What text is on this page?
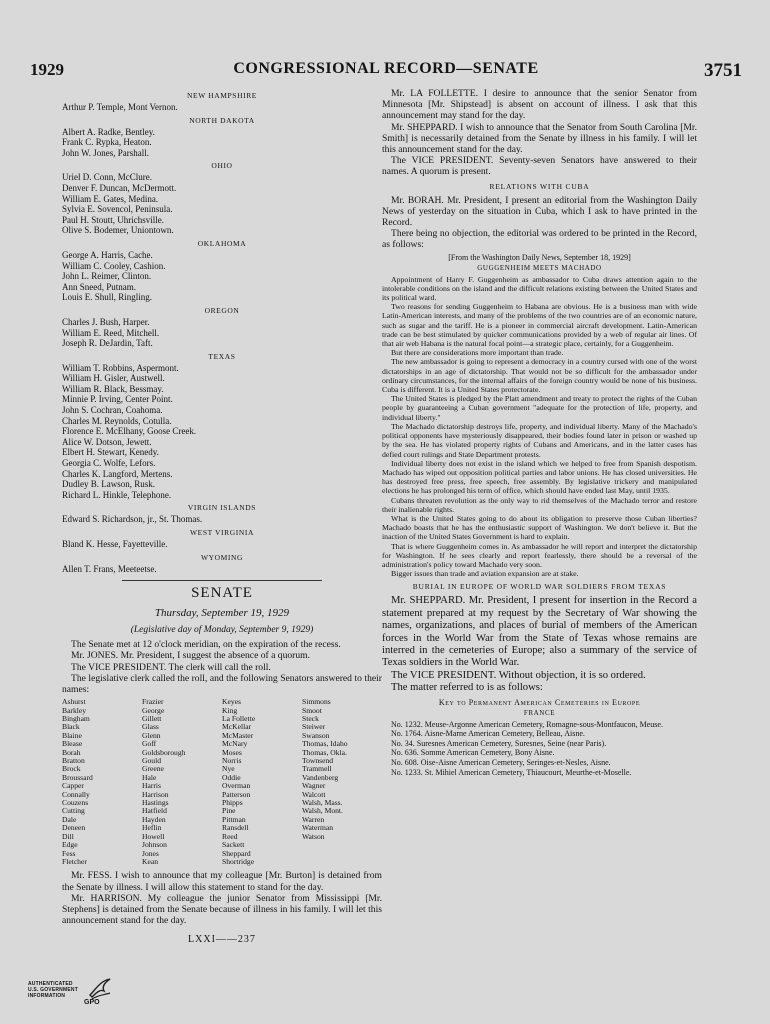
1929	CONGRESSIONAL RECORD—SENATE	3751
NEW HAMPSHIRE
Arthur P. Temple, Mont Vernon.
NORTH DAKOTA
Albert A. Radke, Bentley.
Frank C. Rypka, Heaton.
John W. Jones, Parshall.
OHIO
Uriel D. Conn, McClure.
Denver F. Duncan, McDermott.
William E. Gates, Medina.
Sylvia E. Sovencol, Peninsula.
Paul H. Stoutt, Uhrichsville.
Olive S. Bodemer, Uniontown.
OKLAHOMA
George A. Harris, Cache.
William C. Cooley, Cashion.
John L. Reimer, Clinton.
Ann Sneed, Putnam.
Louis E. Shull, Ringling.
OREGON
Charles J. Bush, Harper.
William E. Reed, Mitchell.
Joseph R. DeJardin, Taft.
TEXAS
William T. Robbins, Aspermont.
William H. Gisler, Austwell.
William R. Black, Bessmay.
Minnie P. Irving, Center Point.
John S. Cochran, Coahoma.
Charles M. Reynolds, Cotulla.
Florence E. McElhany, Goose Creek.
Alice W. Dotson, Jewett.
Elbert H. Stewart, Kenedy.
Georgia C. Wolfe, Lefors.
Charles K. Langford, Mertens.
Dudley B. Lawson, Rusk.
Richard L. Hinkle, Telephone.
VIRGIN ISLANDS
Edward S. Richardson, jr., St. Thomas.
WEST VIRGINIA
Bland K. Hesse, Fayetteville.
WYOMING
Allen T. Frans, Meeteetse.
SENATE
Thursday, September 19, 1929
(Legislative day of Monday, September 9, 1929)

The Senate met at 12 o'clock meridian, on the expiration of the recess.

Mr. JONES. Mr. President, I suggest the absence of a quorum.

The VICE PRESIDENT. The clerk will call the roll.

The legislative clerk called the roll, and the following Senators answered to their names:

Ashurst
Barkley
Bingham
Black
Blaine
Blease
Borah
Bratton
Brock
Broussard
Capper
Connally
Couzens
Cutting
Dale
Deneen
Dill
Edge
Fess
Fletcher
Frazier
George
Gillett
Glass
Glenn
Goff
Goldsborough
Gould
Greene
Hale
Harris
Harrison
Hastings
Hatfield
Hayden
Heflin
Howell
Johnson
Jones
Kean
Keyes
King
La Follette
McKellar
McMaster
McNary
Moses
Norris
Nye
Oddie
Overman
Patterson
Phipps
Pine
Pittman
Ransdell
Reed
Sackett
Sheppard
Shortridge
Simmons
Smoot
Steck
Steiwer
Swanson
Thomas, Idaho
Thomas, Okla.
Townsend
Trammell
Vandenberg
Wagner
Walcott
Walsh, Mass.
Walsh, Mont.
Warren
Waterman
Watson

Mr. FESS. I wish to announce that my colleague [Mr. Burton] is detained from the Senate by illness. I will allow this statement to stand for the day.

Mr. HARRISON. My colleague the junior Senator from Mississippi [Mr. Stephens] is detained from the Senate because of illness in his family. I will let this announcement stand for the day.

LXXI——237

Mr. LA FOLLETTE. I desire to announce that the senior Senator from Minnesota [Mr. Shipstead] is absent on account of illness. I ask that this announcement may stand for the day.

Mr. SHEPPARD. I wish to announce that the Senator from South Carolina [Mr. Smith] is necessarily detained from the Senate by illness in his family. I will let this announcement stand for the day.

The VICE PRESIDENT. Seventy-seven Senators have answered to their names. A quorum is present.

RELATIONS WITH CUBA

Mr. BORAH. Mr. President, I present an editorial from the Washington Daily News of yesterday on the situation in Cuba, which I ask to have printed in the Record.

There being no objection, the editorial was ordered to be printed in the Record, as follows:

[From the Washington Daily News, September 18, 1929]
GUGGENHEIM MEETS MACHADO

Appointment of Harry F. Guggenheim as ambassador to Cuba draws attention again to the intolerable conditions on the island and the difficult relations existing between the United States and its political ward.

Two reasons for sending Guggenheim to Habana are obvious. He is a business man with wide Latin-American interests, and many of the problems of the two countries are of an economic nature, such as sugar and the tariff. He is a pioneer in commercial aircraft development. Latin-American trade can be best stimulated by quicker communications provided by a web of regular air lines. Of that air web Habana is the natural focal point—a strategic place, certainly, for a Guggenheim.

But there are considerations more important than trade.

The new ambassador is going to represent a democracy in a country cursed with one of the worst dictatorships in an age of dictatorship. That would not be so difficult for the ambassador under ordinary circumstances, for the internal affairs of the foreign country would be none of his business. Cuba is different. It is a United States protectorate.

The United States is pledged by the Platt amendment and treaty to protect the rights of the Cuban people by guaranteeing a Cuban government "adequate for the protection of life, property, and individual liberty."

The Machado dictatorship destroys life, property, and individual liberty. Many of the Machado's political opponents have mysteriously disappeared, their bodies found later in prison or washed up by the sea. He has violated property rights of Cubans and Americans, and in the latter cases has defied court rulings and State Department protests.

Individual liberty does not exist in the island which we helped to free from Spanish despotism. Machado has wiped out opposition political parties and labor unions. He has closed universities. He has destroyed free press, free speech, free assembly. By legislative trickery and manipulated elections he has prolonged his term of office, which should have ended last May, until 1935.

Cubans threaten revolution as the only way to rid themselves of the Machado terror and restore their inalienable rights.

What is the United States going to do about its obligation to preserve those Cuban liberties? Machado boasts that he has the enthusiastic support of Washington. We don't believe it. But the inaction of the United States Government is hard to explain.

That is where Guggenheim comes in. As ambassador he will report and interpret the dictatorship for Washington. If he sees clearly and report fearlessly, there should be a reversal of the administration's policy toward Machado very soon.

Bigger issues than trade and aviation expansion are at stake.

BURIAL IN EUROPE OF WORLD WAR SOLDIERS FROM TEXAS

Mr. SHEPPARD. Mr. President, I present for insertion in the Record a statement prepared at my request by the Secretary of War showing the names, organizations, and places of burial of members of the American forces in the World War from the State of Texas whose remains are interred in the cemeteries of Europe; also a summary of the service of Texas soldiers in the World War.

The VICE PRESIDENT. Without objection, it is so ordered.

The matter referred to is as follows:

Key to Permanent American Cemeteries in Europe
FRANCE

No. 1232. Meuse-Argonne American Cemetery, Romagne-sous-Montfaucon, Meuse.

No. 1764. Aisne-Marne American Cemetery, Belleau, Aisne.

No. 34. Suresnes American Cemetery, Suresnes, Seine (near Paris).

No. 636. Somme American Cemetery, Bony Aisne.

No. 608. Oise-Aisne American Cemetery, Seringes-et-Nesles, Aisne.

No. 1233. St. Mihiel American Cemetery, Thiaucourt, Meurthe-et-Moselle.

AUTHENTICATED
U.S. GOVERNMENT
INFORMATION
GPO
